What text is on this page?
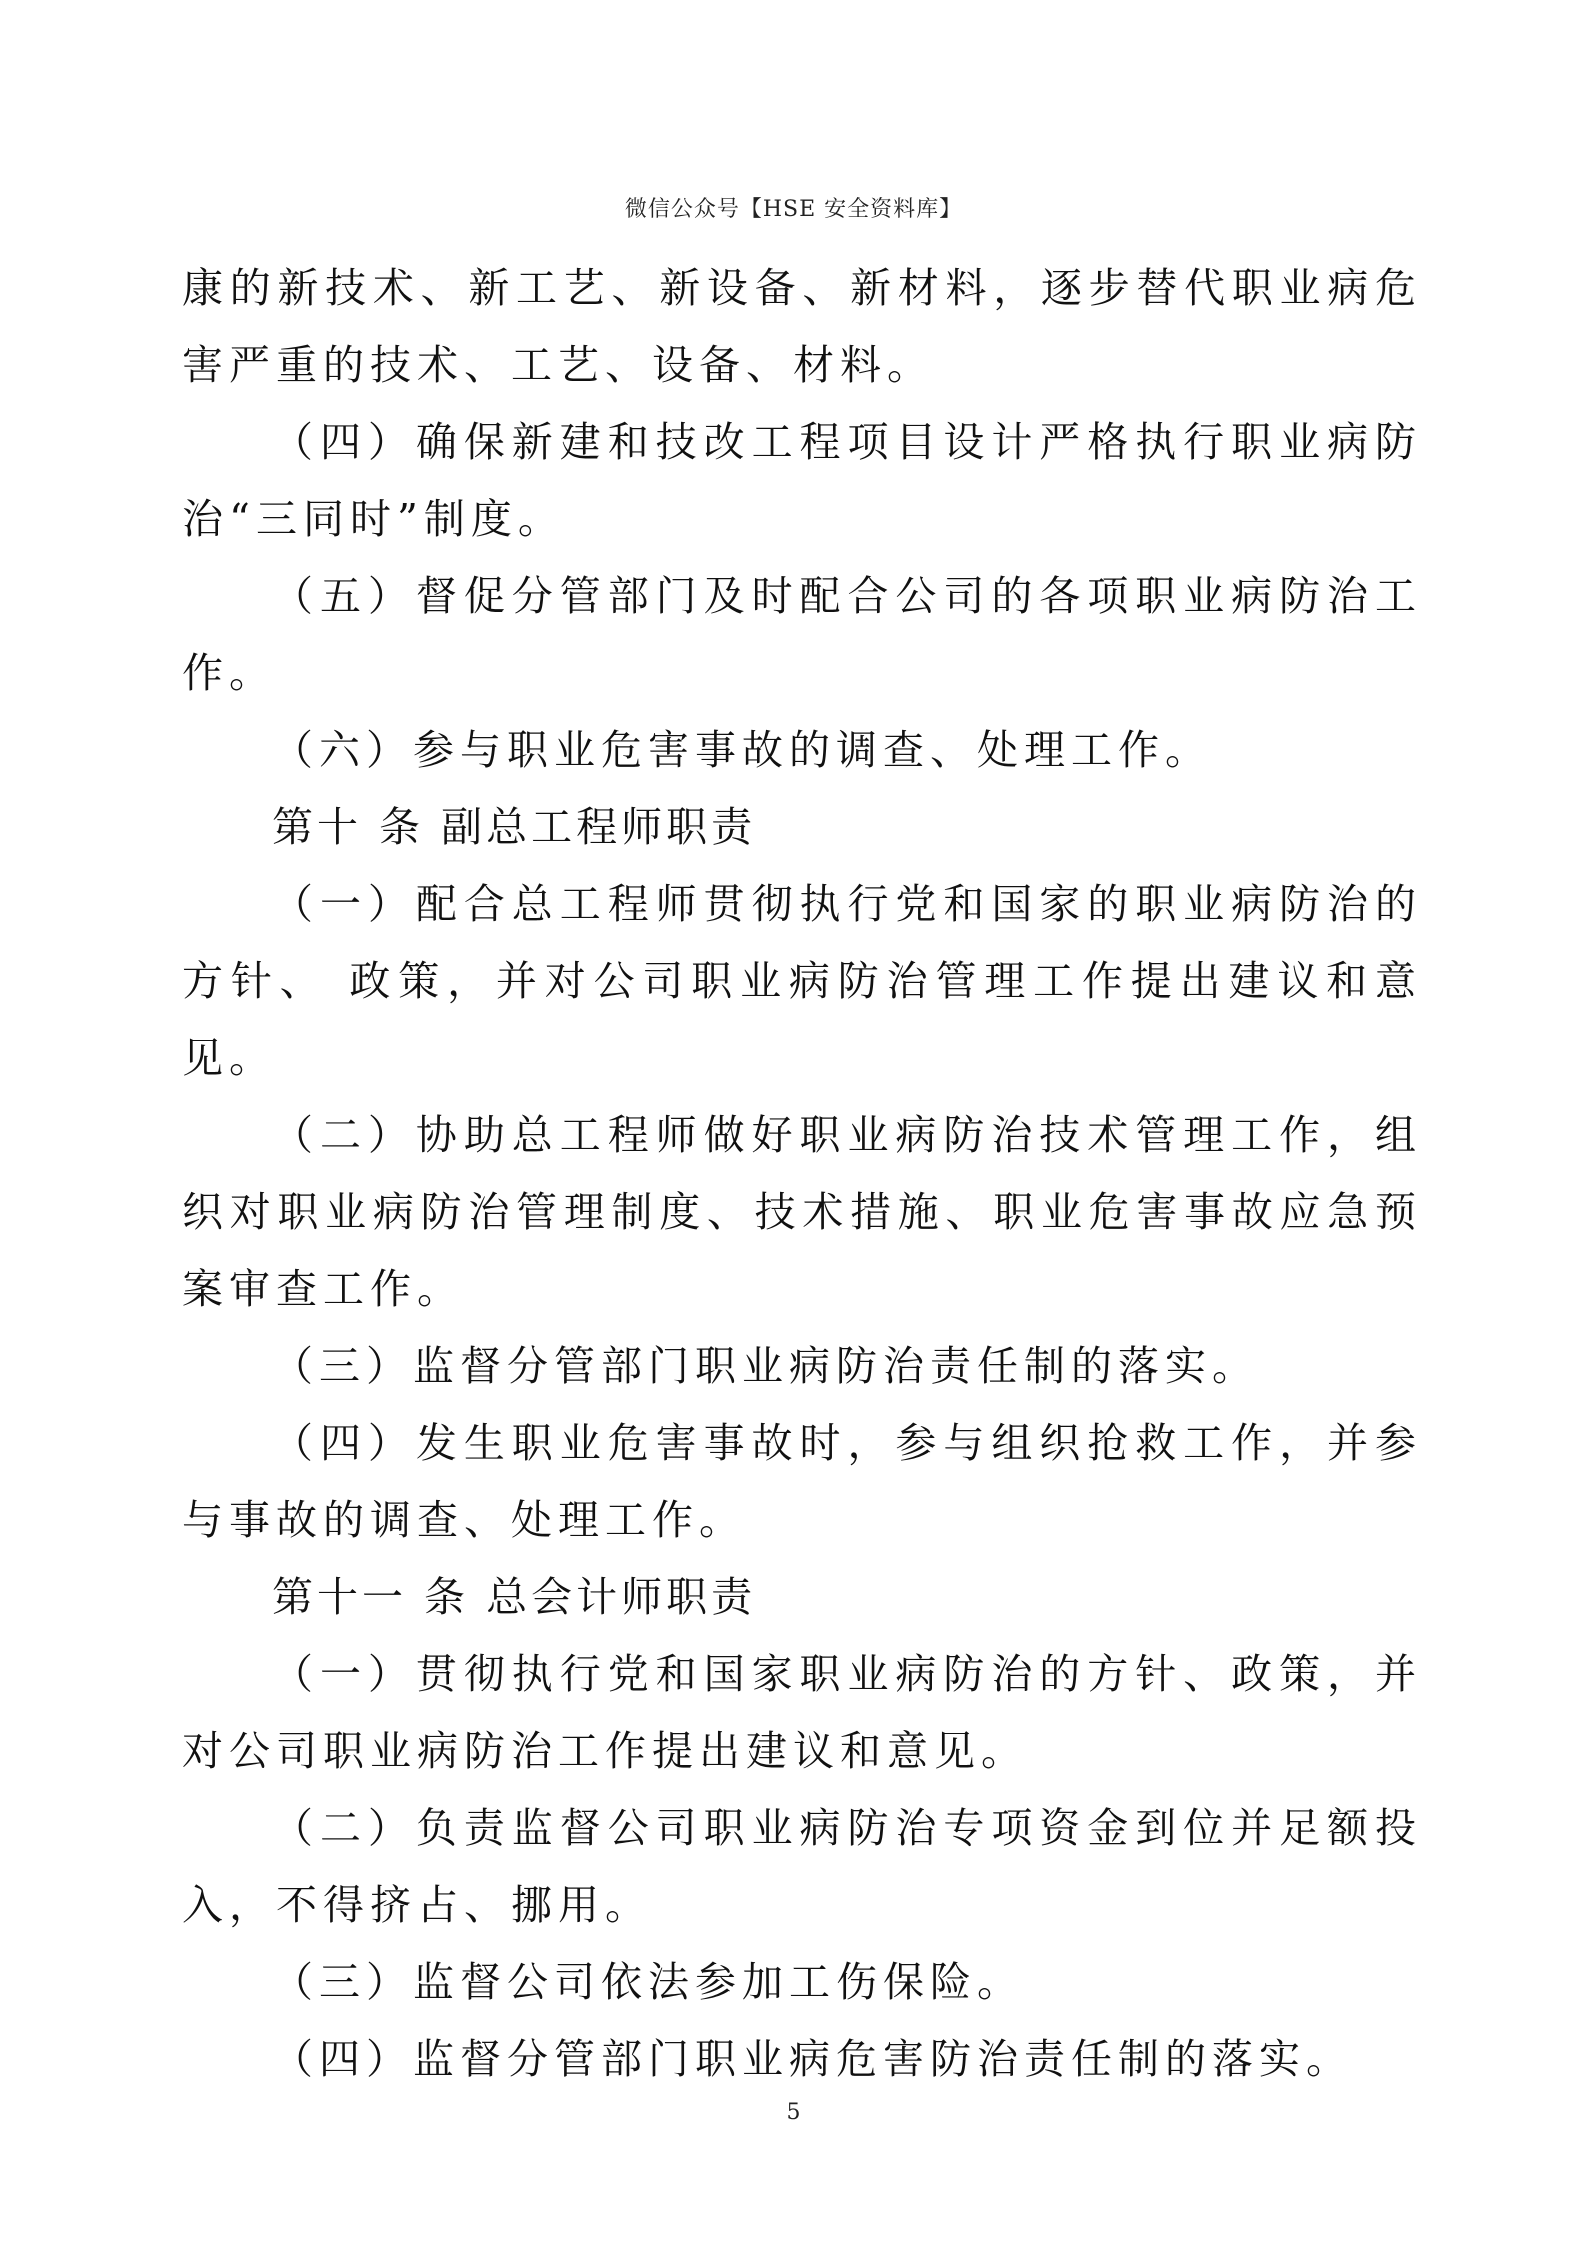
微信公众号【HSE 安全资料库】

康的新技术、新工艺、新设备、新材料，逐步替代职业病危害严重的技术、工艺、设备、材料。

（四）确保新建和技改工程项目设计严格执行职业病防治“三同时”制度。

（五）督促分管部门及时配合公司的各项职业病防治工作。

（六）参与职业危害事故的调查、处理工作。

第十 条 副总工程师职责

（一）配合总工程师贯彻执行党和国家的职业病防治的方针、 政策，并对公司职业病防治管理工作提出建议和意见。

（二）协助总工程师做好职业病防治技术管理工作，组织对职业病防治管理制度、技术措施、职业危害事故应急预案审查工作。

（三）监督分管部门职业病防治责任制的落实。

（四）发生职业危害事故时，参与组织抢救工作，并参与事故的调查、处理工作。

第十一 条 总会计师职责

（一）贯彻执行党和国家职业病防治的方针、政策，并对公司职业病防治工作提出建议和意见。

（二）负责监督公司职业病防治专项资金到位并足额投入，不得挤占、挪用。

（三）监督公司依法参加工伤保险。

（四）监督分管部门职业病危害防治责任制的落实。

5
